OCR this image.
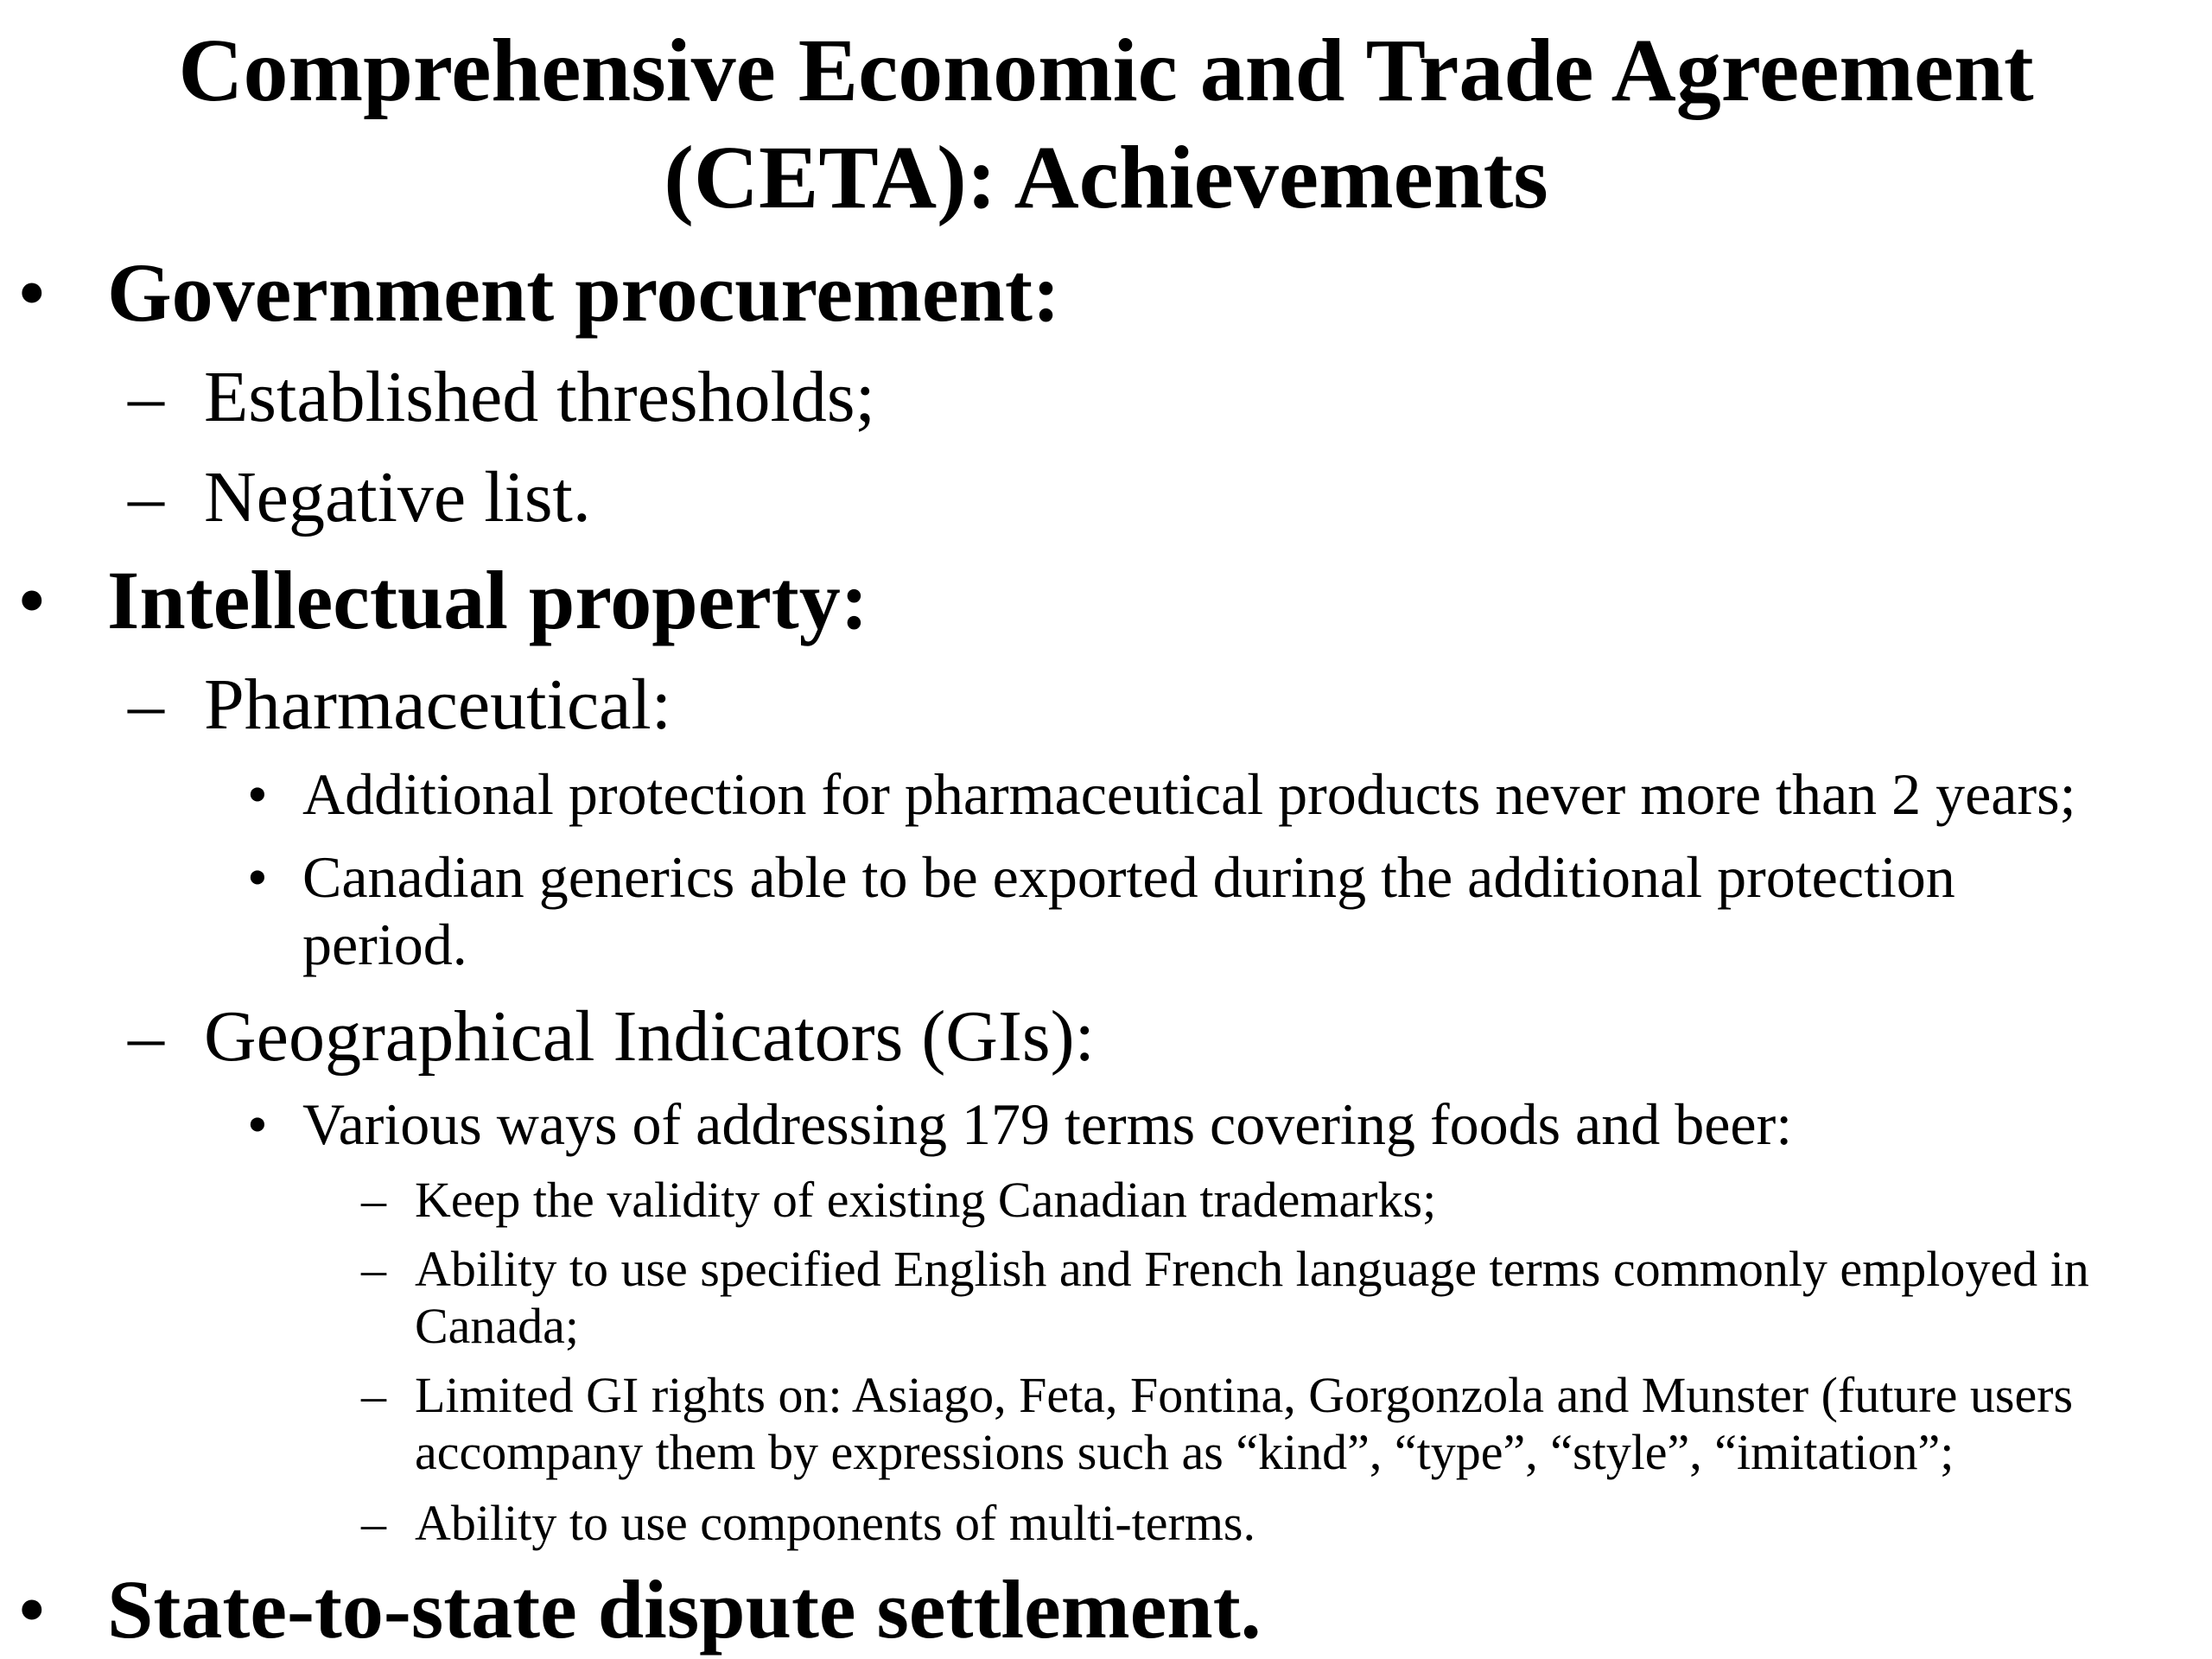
Comprehensive Economic and Trade Agreement
(CETA): Achievements
• Government procurement:
– Established thresholds;
– Negative list.
• Intellectual property:
– Pharmaceutical:
• Additional protection for pharmaceutical products never more than 2 years;
• Canadian generics able to be exported during the additional protection
period.
– Geographical Indicators (GIs):
• Various ways of addressing 179 terms covering foods and beer:
– Keep the validity of existing Canadian trademarks;
– Ability to use specified English and French language terms commonly employed in
Canada;
– Limited GI rights on: Asiago, Feta, Fontina, Gorgonzola and Munster (future users
accompany them by expressions such as “kind”, “type”, “style”, “imitation”;
– Ability to use components of multi-terms.
• State-to-state dispute settlement.
